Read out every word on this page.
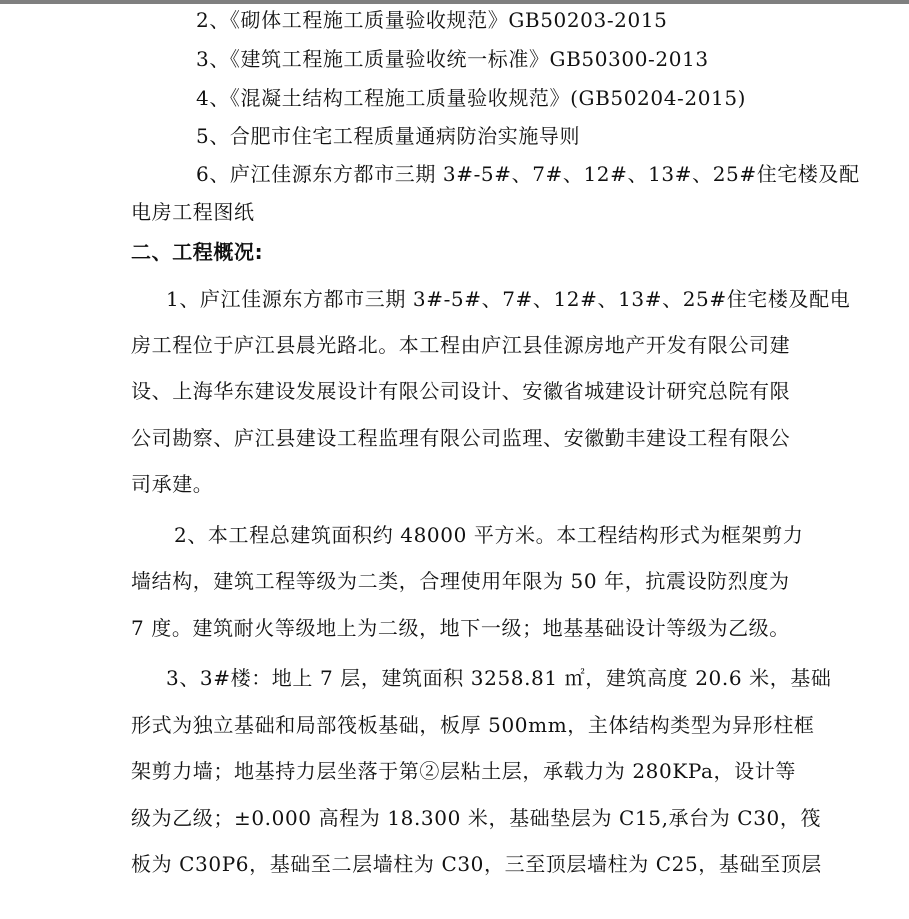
2、《砌体工程施工质量验收规范》GB50203-2015

3、《建筑工程施工质量验收统一标准》GB50300-2013

4、《混凝土结构工程施工质量验收规范》(GB50204-2015)

5、合肥市住宅工程质量通病防治实施导则

6、庐江佳源东方都市三期 3#-5#、7#、12#、13#、25#住宅楼及配

电房工程图纸

二、工程概况:

1、庐江佳源东方都市三期 3#-5#、7#、12#、13#、25#住宅楼及配电

房工程位于庐江县晨光路北。本工程由庐江县佳源房地产开发有限公司建

设、上海华东建设发展设计有限公司设计、安徽省城建设计研究总院有限

公司勘察、庐江县建设工程监理有限公司监理、安徽勤丰建设工程有限公

司承建。

2、本工程总建筑面积约 48000 平方米。本工程结构形式为框架剪力

墙结构，建筑工程等级为二类，合理使用年限为 50 年，抗震设防烈度为

7 度。建筑耐火等级地上为二级，地下一级；地基基础设计等级为乙级。

3、3#楼：地上 7 层，建筑面积 3258.81 ㎡，建筑高度 20.6 米，基础

形式为独立基础和局部筏板基础，板厚 500mm，主体结构类型为异形柱框

架剪力墙；地基持力层坐落于第②层粘土层，承载力为 280KPa，设计等

级为乙级；±0.000 高程为 18.300 米，基础垫层为 C15,承台为 C30，筏

板为 C30P6，基础至二层墙柱为 C30，三至顶层墙柱为 C25，基础至顶层
